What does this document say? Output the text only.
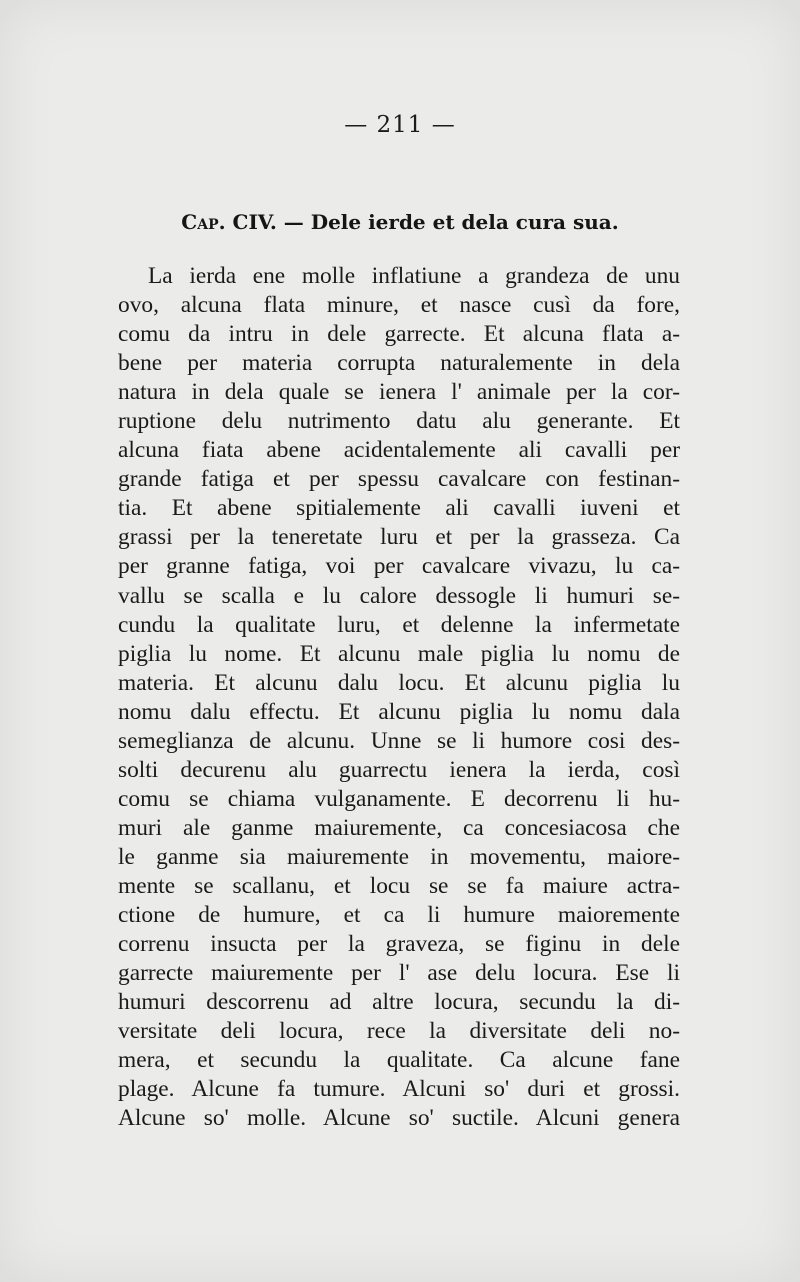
— 211 —
Cap. CIV. — Dele ierde et dela cura sua.
La ierda ene molle inflatiune a grandeza de unu
ovo, alcuna flata minure, et nasce cusì da fore,
comu da intru in dele garrecte. Et alcuna flata a-
bene per materia corrupta naturalemente in dela
natura in dela quale se ienera l' animale per la cor-
ruptione delu nutrimento datu alu generante. Et
alcuna fiata abene acidentalemente ali cavalli per
grande fatiga et per spessu cavalcare con festinan-
tia. Et abene spitialemente ali cavalli iuveni et
grassi per la teneretate luru et per la grasseza. Ca
per granne fatiga, voi per cavalcare vivazu, lu ca-
vallu se scalla e lu calore dessogle li humuri se-
cundu la qualitate luru, et delenne la infermetate
piglia lu nome. Et alcunu male piglia lu nomu de
materia. Et alcunu dalu locu. Et alcunu piglia lu
nomu dalu effectu. Et alcunu piglia lu nomu dala
semeglianza de alcunu. Unne se li humore cosi des-
solti decurenu alu guarrectu ienera la ierda, così
comu se chiama vulganamente. E decorrenu li hu-
muri ale ganme maiuremente, ca concesiacosa che
le ganme sia maiuremente in movementu, maiore-
mente se scallanu, et locu se se fa maiure actra-
ctione de humure, et ca li humure maioremente
correnu insucta per la graveza, se figinu in dele
garrecte maiuremente per l' ase delu locura. Ese li
humuri descorrenu ad altre locura, secundu la di-
versitate deli locura, rece la diversitate deli no-
mera, et secundu la qualitate. Ca alcune fane
plage. Alcune fa tumure. Alcuni so' duri et grossi.
Alcune so' molle. Alcune so' suctile. Alcuni genera
